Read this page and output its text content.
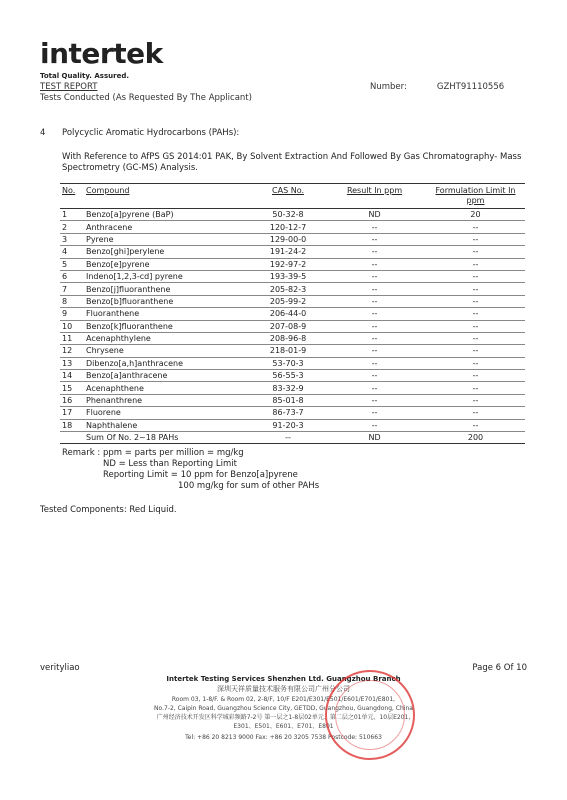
intertek
Total Quality. Assured.
TEST REPORT
Tests Conducted (As Requested By The Applicant)
Number:	GZHT91110556
4 Polycyclic Aromatic Hydrocarbons (PAHs):
With Reference to AfPS GS 2014:01 PAK, By Solvent Extraction And Followed By Gas Chromatography- Mass Spectrometry (GC-MS) Analysis.
No.	Compound	CAS No.	Result In ppm	Formulation Limit In ppm
1	Benzo[a]pyrene (BaP)	50-32-8	ND	20
2	Anthracene	120-12-7	--	--
3	Pyrene	129-00-0	--	--
4	Benzo[ghi]perylene	191-24-2	--	--
5	Benzo[e]pyrene	192-97-2	--	--
6	Indeno[1,2,3-cd] pyrene	193-39-5	--	--
7	Benzo[j]fluoranthene	205-82-3	--	--
8	Benzo[b]fluoranthene	205-99-2	--	--
9	Fluoranthene	206-44-0	--	--
10	Benzo[k]fluoranthene	207-08-9	--	--
11	Acenaphthylene	208-96-8	--	--
12	Chrysene	218-01-9	--	--
13	Dibenzo[a,h]anthracene	53-70-3	--	--
14	Benzo[a]anthracene	56-55-3	--	--
15	Acenaphthene	83-32-9	--	--
16	Phenanthrene	85-01-8	--	--
17	Fluorene	86-73-7	--	--
18	Naphthalene	91-20-3	--	--
	Sum Of No. 2~18 PAHs	--	ND	200
Remark : ppm = parts per million = mg/kg
ND = Less than Reporting Limit
Reporting Limit = 10 ppm for Benzo[a]pyrene
100 mg/kg for sum of other PAHs
Tested Components: Red Liquid.
verityliao	Page 6 Of 10
Intertek Testing Services Shenzhen Ltd. Guangzhou Branch
深圳天祥质量技术服务有限公司广州分公司
Room 03, 1-8/F. & Room 02, 2-8/F, 10/F E201/E301/E501/E601/E701/E801,
No.7-2, Caipin Road, Guangzhou Science City, GETDD, Guangzhou, Guangdong, China
广州经济技术开发区科学城彩频路7-2号 第一层之1-8层02单元、第二层之01单元、10层E201,
E301、E501、E601、E701、E801
Tel: +86 20 8213 9000 Fax: +86 20 3205 7538 Postcode: 510663
